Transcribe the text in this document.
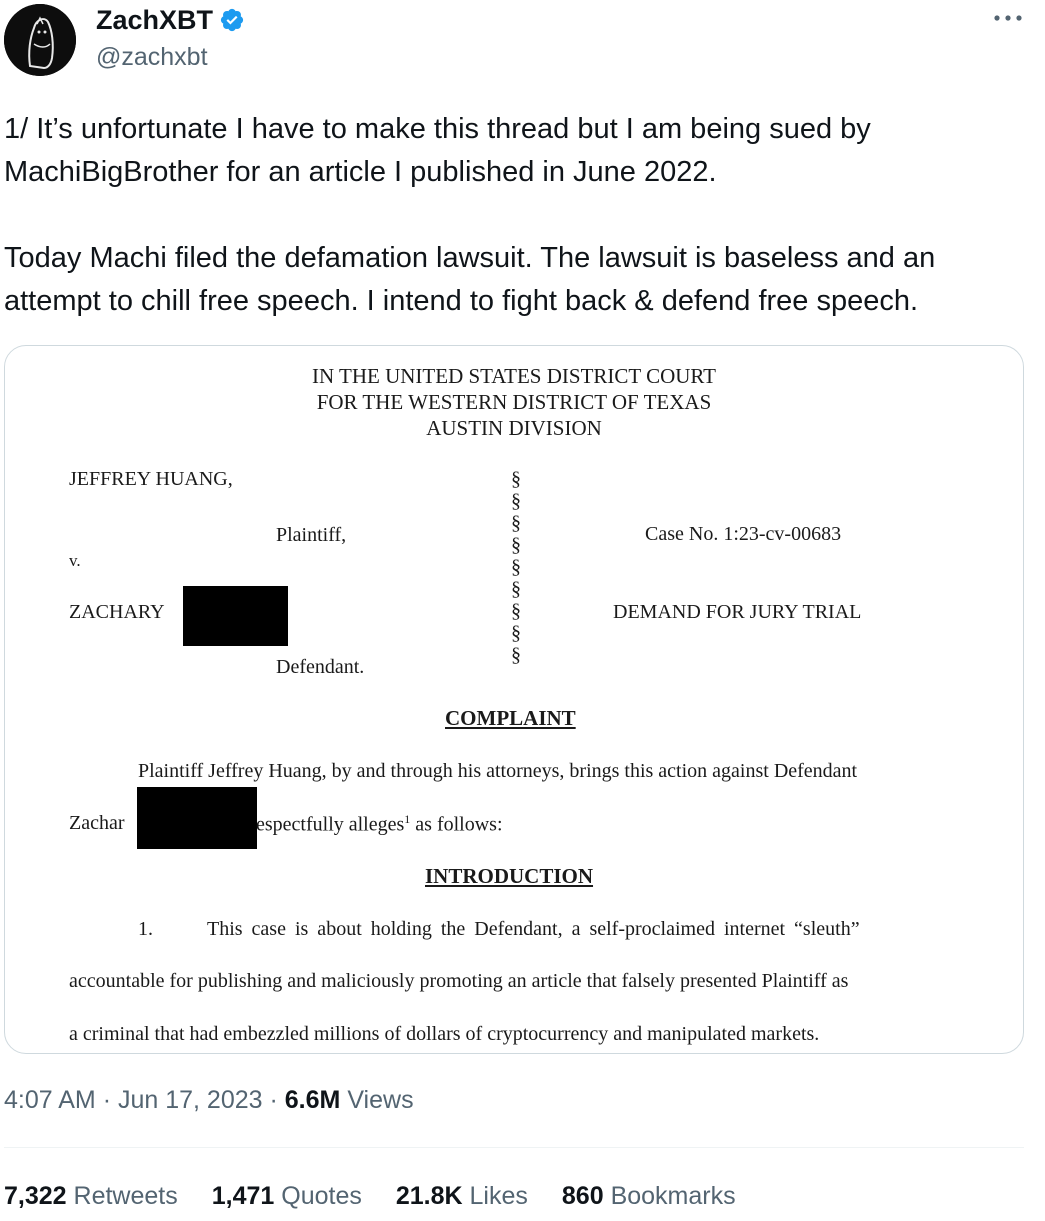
ZachXBT
@zachxbt

1/ It’s unfortunate I have to make this thread but I am being sued by MachiBigBrother for an article I published in June 2022.

Today Machi filed the defamation lawsuit. The lawsuit is baseless and an attempt to chill free speech. I intend to fight back & defend free speech.

IN THE UNITED STATES DISTRICT COURT
FOR THE WESTERN DISTRICT OF TEXAS
AUSTIN DIVISION
JEFFREY HUANG,
Plaintiff,
v.
ZACHARY
Defendant.
§
§
§
§
§
§
§
§
§
Case No. 1:23-cv-00683
DEMAND FOR JURY TRIAL
COMPLAINT
Plaintiff Jeffrey Huang, by and through his attorneys, brings this action against Defendant
Zachar	espectfully alleges$^1$ as follows:
INTRODUCTION
1.	This case is about holding the Defendant, a self-proclaimed internet “sleuth”
accountable for publishing and maliciously promoting an article that falsely presented Plaintiff as
a criminal that had embezzled millions of dollars of cryptocurrency and manipulated markets.
4:07 AM · Jun 17, 2023 · 6.6M Views
7,322 Retweets 1,471 Quotes 21.8K Likes 860 Bookmarks
